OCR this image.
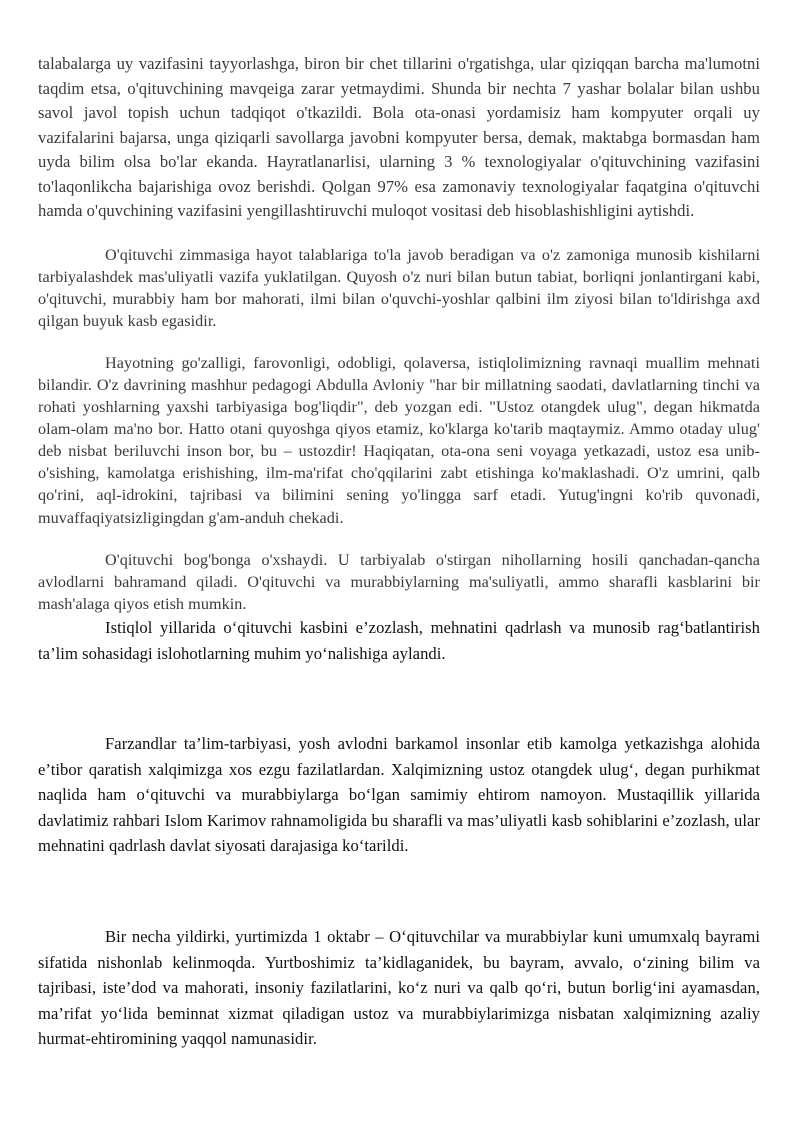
talabalarga uy vazifasini tayyorlashga, biron bir chet tillarini o'rgatishga, ular qiziqqan barcha ma'lumotni taqdim etsa, o'qituvchining mavqeiga zarar yetmaydimi. Shunda bir nechta 7 yashar bolalar bilan ushbu savol javol topish uchun tadqiqot o'tkazildi. Bola ota-onasi yordamisiz ham kompyuter orqali uy vazifalarini bajarsa, unga qiziqarli savollarga javobni kompyuter bersa, demak, maktabga bormasdan ham uyda bilim olsa bo'lar ekanda. Hayratlanarlisi, ularning 3 % texnologiyalar o'qituvchining vazifasini to'laqonlikcha bajarishiga ovoz berishdi. Qolgan 97% esa zamonaviy texnologiyalar faqatgina o'qituvchi hamda o'quvchining vazifasini yengillashtiruvchi muloqot vositasi deb hisoblashishligini aytishdi.

O'qituvchi zimmasiga hayot talablariga to'la javob beradigan va o'z zamoniga munosib kishilarni tarbiyalashdek mas'uliyatli vazifa yuklatilgan. Quyosh o'z nuri bilan butun tabiat, borliqni jonlantirgani kabi, o'qituvchi, murabbiy ham bor mahorati, ilmi bilan o'quvchi-yoshlar qalbini ilm ziyosi bilan to'ldirishga axd qilgan buyuk kasb egasidir.

Hayotning go'zalligi, farovonligi, odobligi, qolaversa, istiqlolimizning ravnaqi muallim mehnati bilandir. O'z davrining mashhur pedagogi Abdulla Avloniy "har bir millatning saodati, davlatlarning tinchi va rohati yoshlarning yaxshi tarbiyasiga bog'liqdir", deb yozgan edi. "Ustoz otangdek ulug", degan hikmatda olam-olam ma'no bor. Hatto otani quyoshga qiyos etamiz, ko'klarga ko'tarib maqtaymiz. Ammo otaday ulug' deb nisbat beriluvchi inson bor, bu – ustozdir! Haqiqatan, ota-ona seni voyaga yetkazadi, ustoz esa unib-o'sishing, kamolatga erishishing, ilm-ma'rifat cho'qqilarini zabt etishinga ko'maklashadi. O'z umrini, qalb qo'rini, aql-idrokini, tajribasi va bilimini sening yo'lingga sarf etadi. Yutug'ingni ko'rib quvonadi, muvaffaqiyatsizligingdan g'am-anduh chekadi.

O'qituvchi bog'bonga o'xshaydi. U tarbiyalab o'stirgan nihollarning hosili qanchadan-qancha avlodlarni bahramand qiladi. O'qituvchi va murabbiylarning ma'suliyatli, ammo sharafli kasblarini bir mash'alaga qiyos etish mumkin.

Istiqlol yillarida o‘qituvchi kasbini e’zozlash, mehnatini qadrlash va munosib rag‘batlantirish ta’lim sohasidagi islohotlarning muhim yo‘nalishiga aylandi.

Farzandlar ta’lim-tarbiyasi, yosh avlodni barkamol insonlar etib kamolga yetkazishga alohida e’tibor qaratish xalqimizga xos ezgu fazilatlardan. Xalqimizning ustoz otangdek ulug‘, degan purhikmat naqlida ham o‘qituvchi va murabbiylarga bo‘lgan samimiy ehtirom namoyon. Mustaqillik yillarida davlatimiz rahbari Islom Karimov rahnamoligida bu sharafli va mas’uliyatli kasb sohiblarini e’zozlash, ular mehnatini qadrlash davlat siyosati darajasiga ko‘tarildi.

Bir necha yildirki, yurtimizda 1 oktabr – O‘qituvchilar va murabbiylar kuni umumxalq bayrami sifatida nishonlab kelinmoqda. Yurtboshimiz ta’kidlaganidek, bu bayram, avvalo, o‘zining bilim va tajribasi, iste’dod va mahorati, insoniy fazilatlarini, ko‘z nuri va qalb qo‘ri, butun borlig‘ini ayamasdan, ma’rifat yo‘lida beminnat xizmat qiladigan ustoz va murabbiylarimizga nisbatan xalqimizning azaliy hurmat-ehtiromining yaqqol namunasidir.
